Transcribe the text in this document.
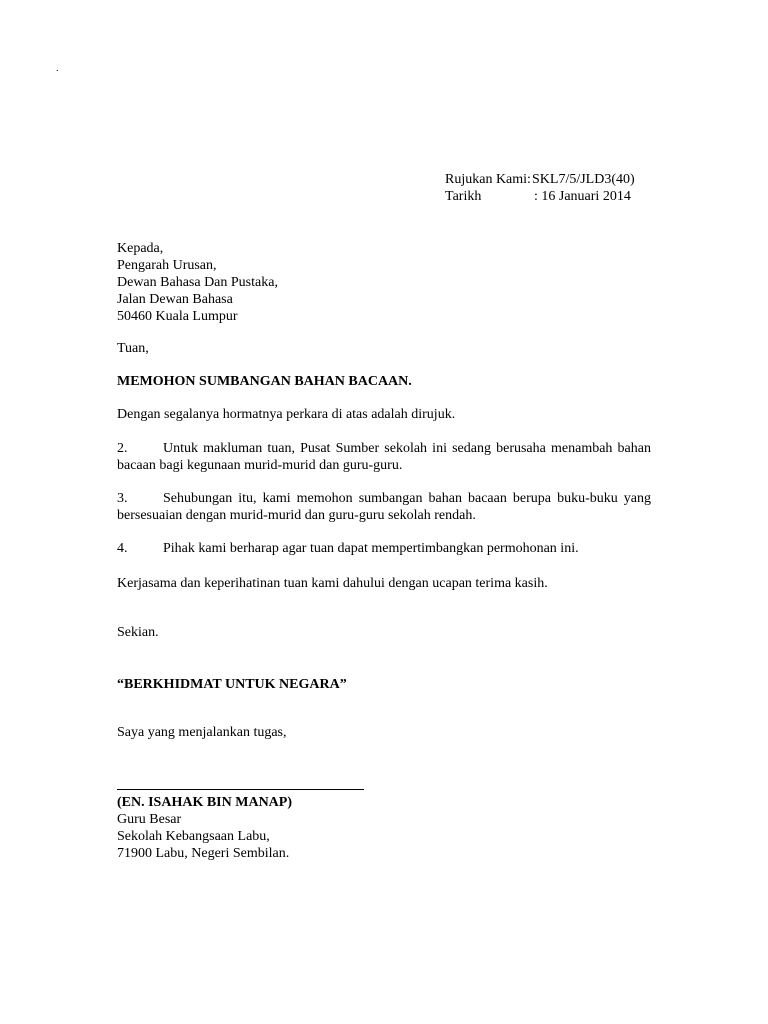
.
Rujukan Kami: SKL7/5/JLD3(40)
Tarikh	: 16 Januari 2014
Kepada,
Pengarah Urusan,
Dewan Bahasa Dan Pustaka,
Jalan Dewan Bahasa
50460 Kuala Lumpur
Tuan,
MEMOHON SUMBANGAN BAHAN BACAAN.
Dengan segalanya hormatnya perkara di atas adalah dirujuk.
2.	Untuk makluman tuan, Pusat Sumber sekolah ini sedang berusaha menambah bahan bacaan bagi kegunaan murid-murid dan guru-guru.
3.	Sehubungan itu, kami memohon sumbangan bahan bacaan berupa buku-buku yang bersesuaian dengan murid-murid dan guru-guru sekolah rendah.
4.	Pihak kami berharap agar tuan dapat mempertimbangkan permohonan ini.
Kerjasama dan keperihatinan tuan kami dahului dengan ucapan terima kasih.
Sekian.
“BERKHIDMAT UNTUK NEGARA”
Saya yang menjalankan tugas,
(EN. ISAHAK BIN MANAP)
Guru Besar
Sekolah Kebangsaan Labu,
71900 Labu, Negeri Sembilan.
